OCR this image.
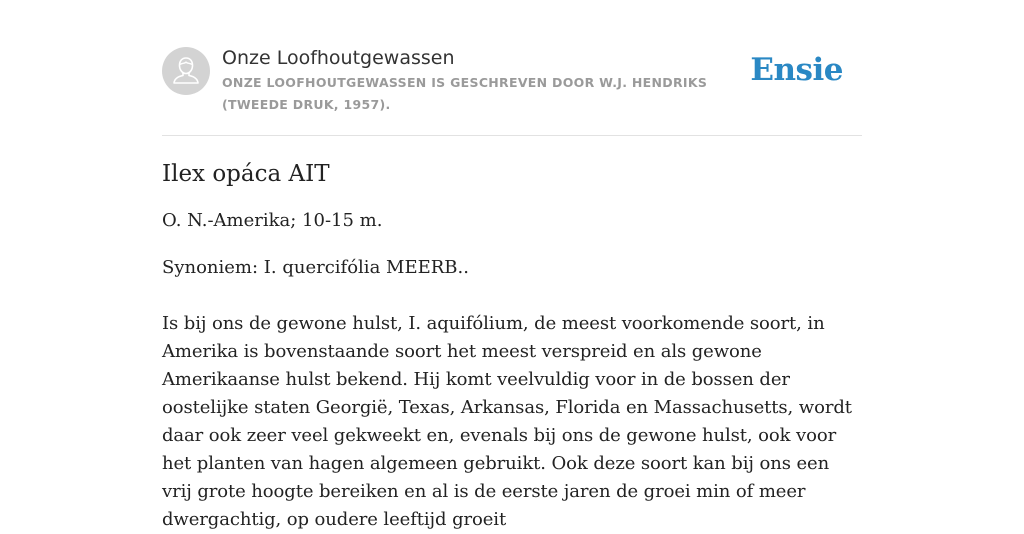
Onze Loofhoutgewassen
ONZE LOOFHOUTGEWASSEN IS GESCHREVEN DOOR W.J. HENDRIKS (TWEEDE DRUK, 1957).
Ensie
Ilex opáca AIT

O. N.-Amerika; 10-15 m.

Synoniem: I. quercifólia MEERB..

Is bij ons de gewone hulst, I. aquifólium, de meest voorkomende soort, in Amerika is bovenstaande soort het meest verspreid en als gewone Amerikaanse hulst bekend. Hij komt veelvuldig voor in de bossen der oostelijke staten Georgië, Texas, Arkansas, Florida en Massachusetts, wordt daar ook zeer veel gekweekt en, evenals bij ons de gewone hulst, ook voor het planten van hagen algemeen gebruikt. Ook deze soort kan bij ons een vrij grote hoogte bereiken en al is de eerste jaren de groei min of meer dwergachtig, op oudere leeftijd groeit
